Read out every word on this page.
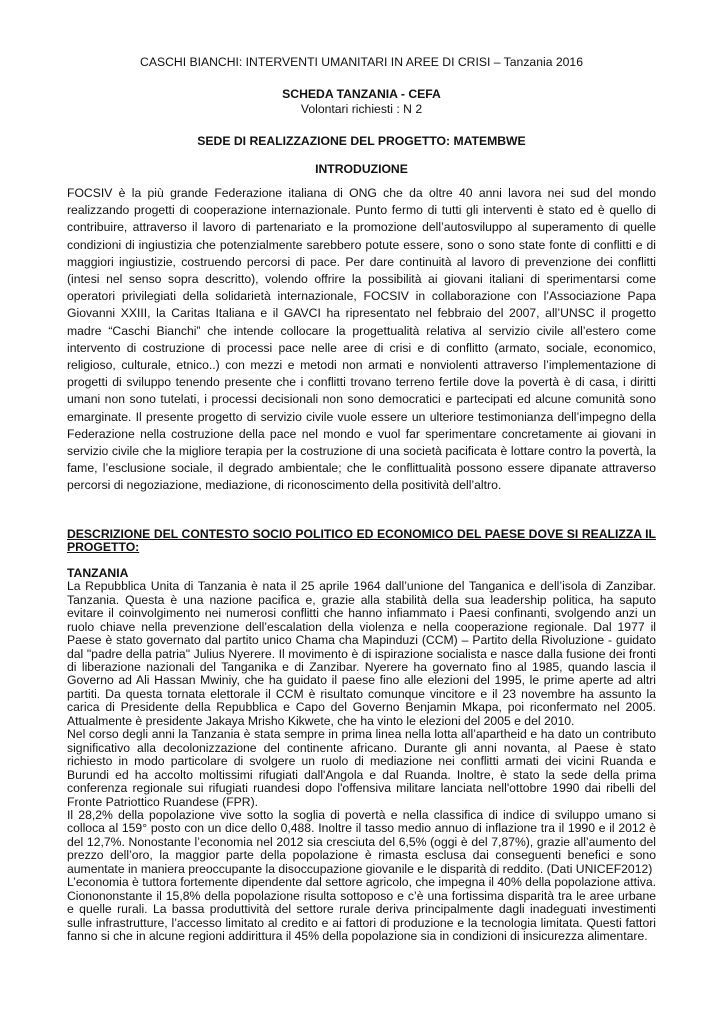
CASCHI BIANCHI: INTERVENTI UMANITARI IN AREE DI CRISI – Tanzania 2016

SCHEDA TANZANIA - CEFA

Volontari richiesti : N 2

SEDE DI REALIZZAZIONE DEL PROGETTO: MATEMBWE

INTRODUZIONE

FOCSIV è la più grande Federazione italiana di ONG che da oltre 40 anni lavora nei sud del mondo realizzando progetti di cooperazione internazionale. Punto fermo di tutti gli interventi è stato ed è quello di contribuire, attraverso il lavoro di partenariato e la promozione dell’autosviluppo al superamento di quelle condizioni di ingiustizia che potenzialmente sarebbero potute essere, sono o sono state fonte di conflitti e di maggiori ingiustizie, costruendo percorsi di pace. Per dare continuità al lavoro di prevenzione dei conflitti (intesi nel senso sopra descritto), volendo offrire la possibilità ai giovani italiani di sperimentarsi come operatori privilegiati della solidarietà internazionale, FOCSIV in collaborazione con l’Associazione Papa Giovanni XXIII, la Caritas Italiana e il GAVCI ha ripresentato nel febbraio del 2007, all’UNSC il progetto madre “Caschi Bianchi” che intende collocare la progettualità relativa al servizio civile all’estero come intervento di costruzione di processi pace nelle aree di crisi e di conflitto (armato, sociale, economico, religioso, culturale, etnico..) con mezzi e metodi non armati e nonviolenti attraverso l’implementazione di progetti di sviluppo tenendo presente che i conflitti trovano terreno fertile dove la povertà è di casa, i diritti umani non sono tutelati, i processi decisionali non sono democratici e partecipati ed alcune comunità sono emarginate. Il presente progetto di servizio civile vuole essere un ulteriore testimonianza dell’impegno della Federazione nella costruzione della pace nel mondo e vuol far sperimentare concretamente ai giovani in servizio civile che la migliore terapia per la costruzione di una società pacificata è lottare contro la povertà, la fame, l’esclusione sociale, il degrado ambientale; che le conflittualità possono essere dipanate attraverso percorsi di negoziazione, mediazione, di riconoscimento della positività dell’altro.

DESCRIZIONE DEL CONTESTO SOCIO POLITICO ED ECONOMICO DEL PAESE DOVE SI REALIZZA IL PROGETTO:

TANZANIA

La Repubblica Unita di Tanzania è nata il 25 aprile 1964 dall’unione del Tanganica e dell’isola di Zanzibar. Tanzania. Questa è una nazione pacifica e, grazie alla stabilità della sua leadership politica, ha saputo evitare il coinvolgimento nei numerosi conflitti che hanno infiammato i Paesi confinanti, svolgendo anzi un ruolo chiave nella prevenzione dell’escalation della violenza e nella cooperazione regionale. Dal 1977 il Paese è stato governato dal partito unico Chama cha Mapinduzi (CCM) – Partito della Rivoluzione - guidato dal "padre della patria" Julius Nyerere. Il movimento è di ispirazione socialista e nasce dalla fusione dei fronti di liberazione nazionali del Tanganika e di Zanzibar. Nyerere ha governato fino al 1985, quando lascia il Governo ad Ali Hassan Mwiniy, che ha guidato il paese fino alle elezioni del 1995, le prime aperte ad altri partiti. Da questa tornata elettorale il CCM è risultato comunque vincitore e il 23 novembre ha assunto la carica di Presidente della Repubblica e Capo del Governo Benjamin Mkapa, poi riconfermato nel 2005. Attualmente è presidente Jakaya Mrisho Kikwete, che ha vinto le elezioni del 2005 e del 2010.

Nel corso degli anni la Tanzania è stata sempre in prima linea nella lotta all’apartheid e ha dato un contributo significativo alla decolonizzazione del continente africano. Durante gli anni novanta, al Paese è stato richiesto in modo particolare di svolgere un ruolo di mediazione nei conflitti armati dei vicini Ruanda e Burundi ed ha accolto moltissimi rifugiati dall'Angola e dal Ruanda. Inoltre, è stato la sede della prima conferenza regionale sui rifugiati ruandesi dopo l'offensiva militare lanciata nell'ottobre 1990 dai ribelli del Fronte Patriottico Ruandese (FPR).

Il 28,2% della popolazione vive sotto la soglia di povertà e nella classifica di indice di sviluppo umano si colloca al 159° posto con un dice dello 0,488. Inoltre il tasso medio annuo di inflazione tra il 1990 e il 2012 è del 12,7%. Nonostante l’economia nel 2012 sia cresciuta del 6,5% (oggi è del 7,87%), grazie all’aumento del prezzo dell’oro, la maggior parte della popolazione è rimasta esclusa dai conseguenti benefici e sono aumentate in maniera preoccupante la disoccupazione giovanile e le disparità di reddito. (Dati UNICEF2012)

L’economia è tuttora fortemente dipendente dal settore agricolo, che impegna il 40% della popolazione attiva. Cionononstante il 15,8% della popolazione risulta sottoposo e c’è una fortissima disparità tra le aree urbane e quelle rurali. La bassa produttività del settore rurale deriva principalmente dagli inadeguati investimenti sulle infrastrutture, l’accesso limitato al credito e ai fattori di produzione e la tecnologia limitata. Questi fattori fanno si che in alcune regioni addirittura il 45% della popolazione sia in condizioni di insicurezza alimentare.
